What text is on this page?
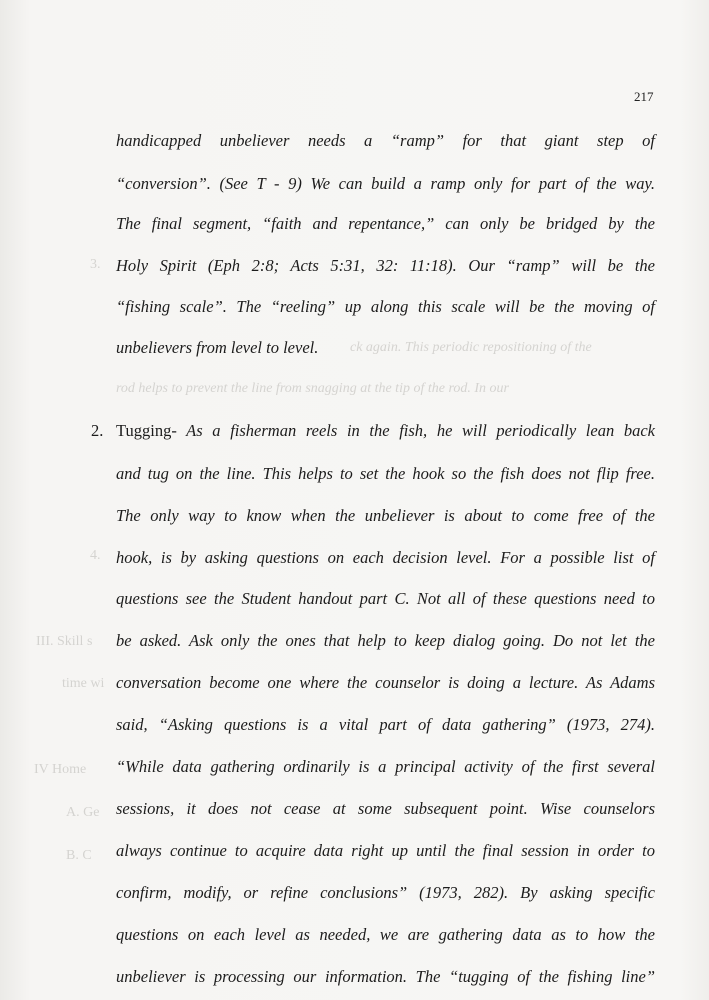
3.
ck again. This periodic repositioning of the
rod helps to prevent the line from snagging at the tip of the rod. In our
4.
III. Skill s
time wi
IV Home
A. Ge
B. C
217
handicapped unbeliever needs a “ramp” for that giant step of
“conversion”. (See T - 9) We can build a ramp only for part of the way.
The final segment, “faith and repentance,” can only be bridged by the
Holy Spirit (Eph 2:8; Acts 5:31, 32: 11:18). Our “ramp” will be the
“fishing scale”. The “reeling” up along this scale will be the moving of
unbelievers from level to level.
2. Tugging- As a fisherman reels in the fish, he will periodically lean back
and tug on the line. This helps to set the hook so the fish does not flip free.
The only way to know when the unbeliever is about to come free of the
hook, is by asking questions on each decision level. For a possible list of
questions see the Student handout part C. Not all of these questions need to
be asked. Ask only the ones that help to keep dialog going. Do not let the
conversation become one where the counselor is doing a lecture. As Adams
said, “Asking questions is a vital part of data gathering” (1973, 274).
“While data gathering ordinarily is a principal activity of the first several
sessions, it does not cease at some subsequent point. Wise counselors
always continue to acquire data right up until the final session in order to
confirm, modify, or refine conclusions” (1973, 282). By asking specific
questions on each level as needed, we are gathering data as to how the
unbeliever is processing our information. The “tugging of the fishing line”
